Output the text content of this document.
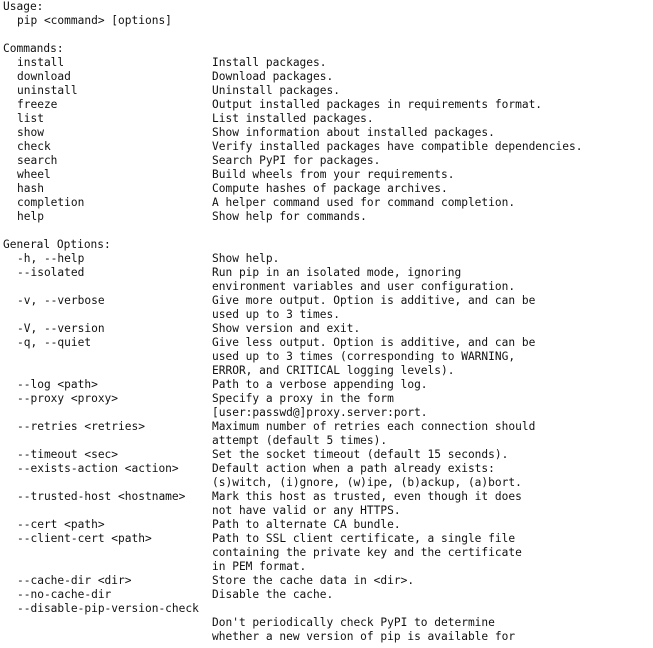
Usage:

pip <command> [options]

Commands:
install	Install packages.
download	Download packages.
uninstall	Uninstall packages.
freeze	Output installed packages in requirements format.
list	List installed packages.
show	Show information about installed packages.
check	Verify installed packages have compatible dependencies.
search	Search PyPI for packages.
wheel	Build wheels from your requirements.
hash	Compute hashes of package archives.
completion	A helper command used for command completion.
help	Show help for commands.
General Options:
-h, --help	Show help.
--isolated	Run pip in an isolated mode, ignoring
environment variables and user configuration.
-v, --verbose	Give more output. Option is additive, and can be
used up to 3 times.
-V, --version	Show version and exit.
-q, --quiet	Give less output. Option is additive, and can be
used up to 3 times (corresponding to WARNING,
ERROR, and CRITICAL logging levels).
--log <path>	Path to a verbose appending log.
--proxy <proxy>	Specify a proxy in the form
[user:passwd@]proxy.server:port.
--retries <retries>	Maximum number of retries each connection should
attempt (default 5 times).
--timeout <sec>	Set the socket timeout (default 15 seconds).
--exists-action <action>	Default action when a path already exists:
(s)witch, (i)gnore, (w)ipe, (b)ackup, (a)bort.
--trusted-host <hostname> Mark this host as trusted, even though it does
not have valid or any HTTPS.
--cert <path>	Path to alternate CA bundle.
--client-cert <path>	Path to SSL client certificate, a single file
containing the private key and the certificate
in PEM format.
--cache-dir <dir>	Store the cache data in <dir>.
--no-cache-dir	Disable the cache.
--disable-pip-version-check
Don't periodically check PyPI to determine
whether a new version of pip is available for
